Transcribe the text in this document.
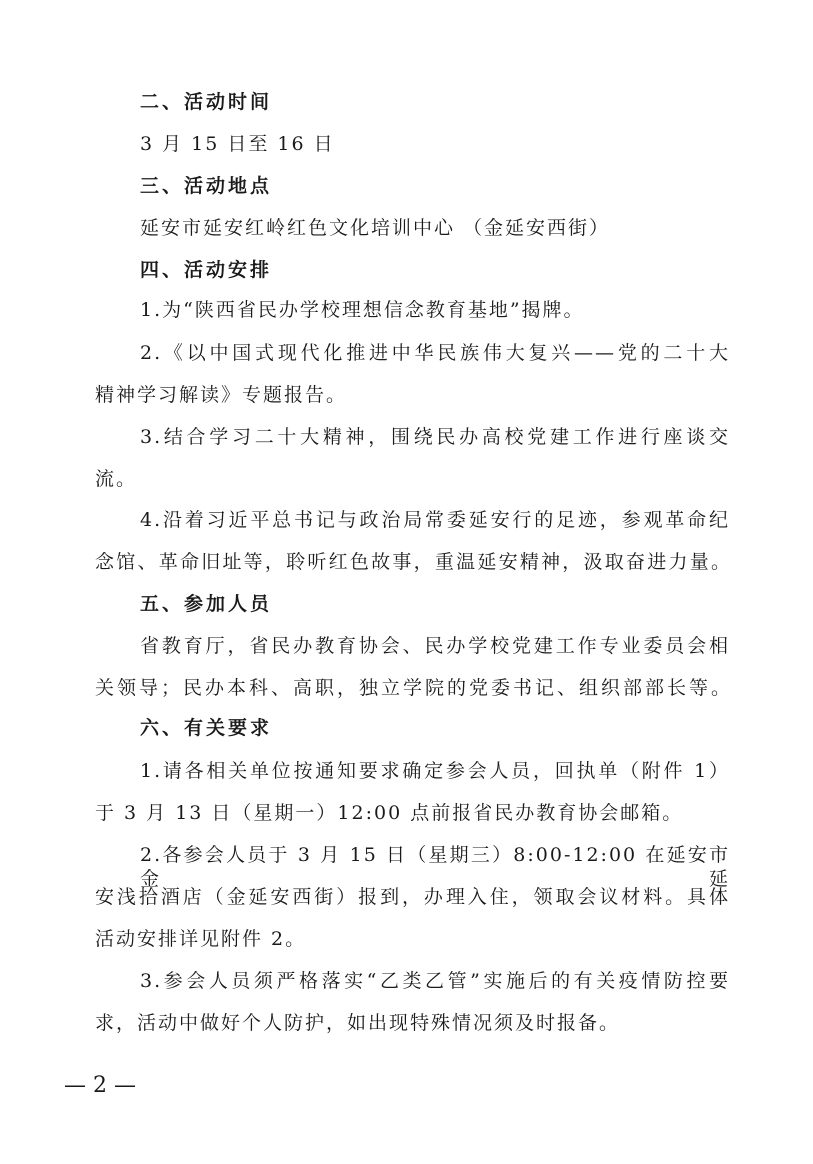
二、活动时间
3 月 15 日至 16 日
三、活动地点
延安市延安红岭红色文化培训中心 （金延安西街）
四、活动安排
1.为“陕西省民办学校理想信念教育基地”揭牌。
2.《以中国式现代化推进中华民族伟大复兴——党的二十大
精神学习解读》专题报告。
3.结合学习二十大精神，围绕民办高校党建工作进行座谈交
流。
4.沿着习近平总书记与政治局常委延安行的足迹，参观革命纪
念馆、革命旧址等，聆听红色故事，重温延安精神，汲取奋进力量。
五、参加人员
省教育厅，省民办教育协会、民办学校党建工作专业委员会相
关领导；民办本科、高职，独立学院的党委书记、组织部部长等。
六、有关要求
1.请各相关单位按通知要求确定参会人员，回执单（附件 1）
于 3 月 13 日（星期一）12:00 点前报省民办教育协会邮箱。
2.各参会人员于 3 月 15 日（星期三）8:00-12:00 在延安市金延
安浅拾酒店（金延安西街）报到，办理入住，领取会议材料。具体
活动安排详见附件 2。
3.参会人员须严格落实“乙类乙管”实施后的有关疫情防控要
求，活动中做好个人防护，如出现特殊情况须及时报备。
— 2 —
